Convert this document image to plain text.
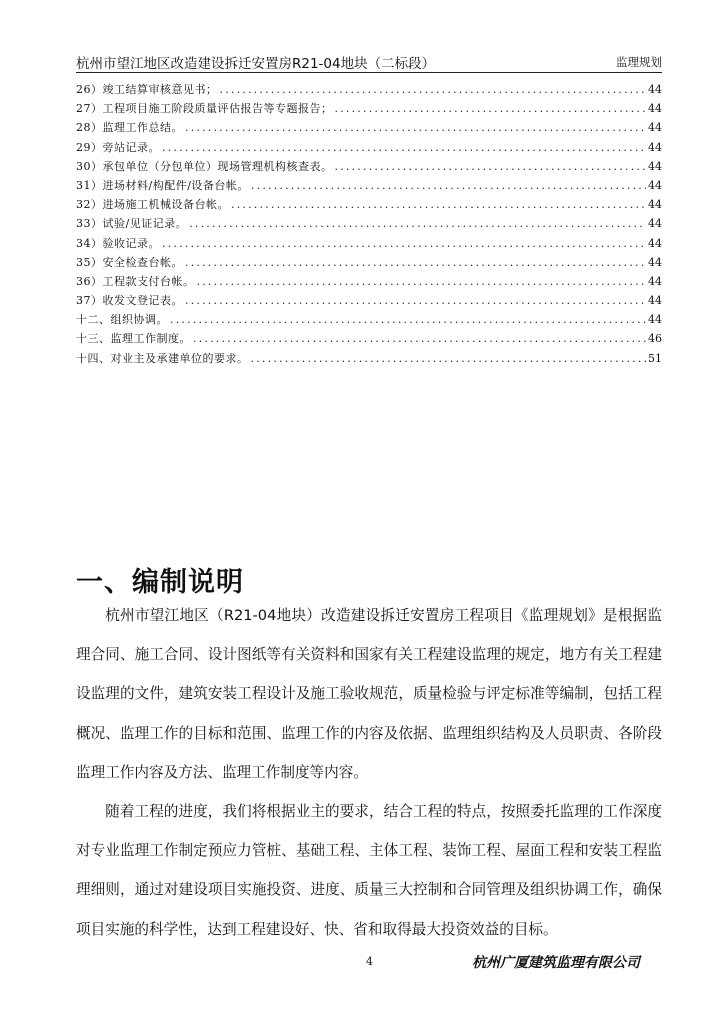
杭州市望江地区改造建设拆迁安置房R21-04地块（二标段）	监理规划
26）竣工结算审核意见书； .....	44
27）工程项目施工阶段质量评估报告等专题报告； .....	44
28）监理工作总结。 .....	44
29）旁站记录。 .....	44
30）承包单位（分包单位）现场管理机构核查表。 .....	44
31）进场材料/构配件/设备台帐。 .....	44
32）进场施工机械设备台帐。 .....	44
33）试验/见证记录。 .....	44
34）验收记录。 .....	44
35）安全检查台帐。 .....	44
36）工程款支付台帐。 .....	44
37）收发文登记表。 .....	44
十二、组织协调。 .....	44
十三、监理工作制度。 .....	46
十四、对业主及承建单位的要求。 .....	51
一、编制说明

杭州市望江地区（R21-04地块）改造建设拆迁安置房工程项目《监理规划》是根据监理合同、施工合同、设计图纸等有关资料和国家有关工程建设监理的规定，地方有关工程建设监理的文件，建筑安装工程设计及施工验收规范，质量检验与评定标准等编制，包括工程概况、监理工作的目标和范围、监理工作的内容及依据、监理组织结构及人员职责、各阶段监理工作内容及方法、监理工作制度等内容。

随着工程的进度，我们将根据业主的要求，结合工程的特点，按照委托监理的工作深度对专业监理工作制定预应力管桩、基础工程、主体工程、装饰工程、屋面工程和安装工程监理细则，通过对建设项目实施投资、进度、质量三大控制和合同管理及组织协调工作，确保项目实施的科学性，达到工程建设好、快、省和取得最大投资效益的目标。

4	杭州广厦建筑监理有限公司
